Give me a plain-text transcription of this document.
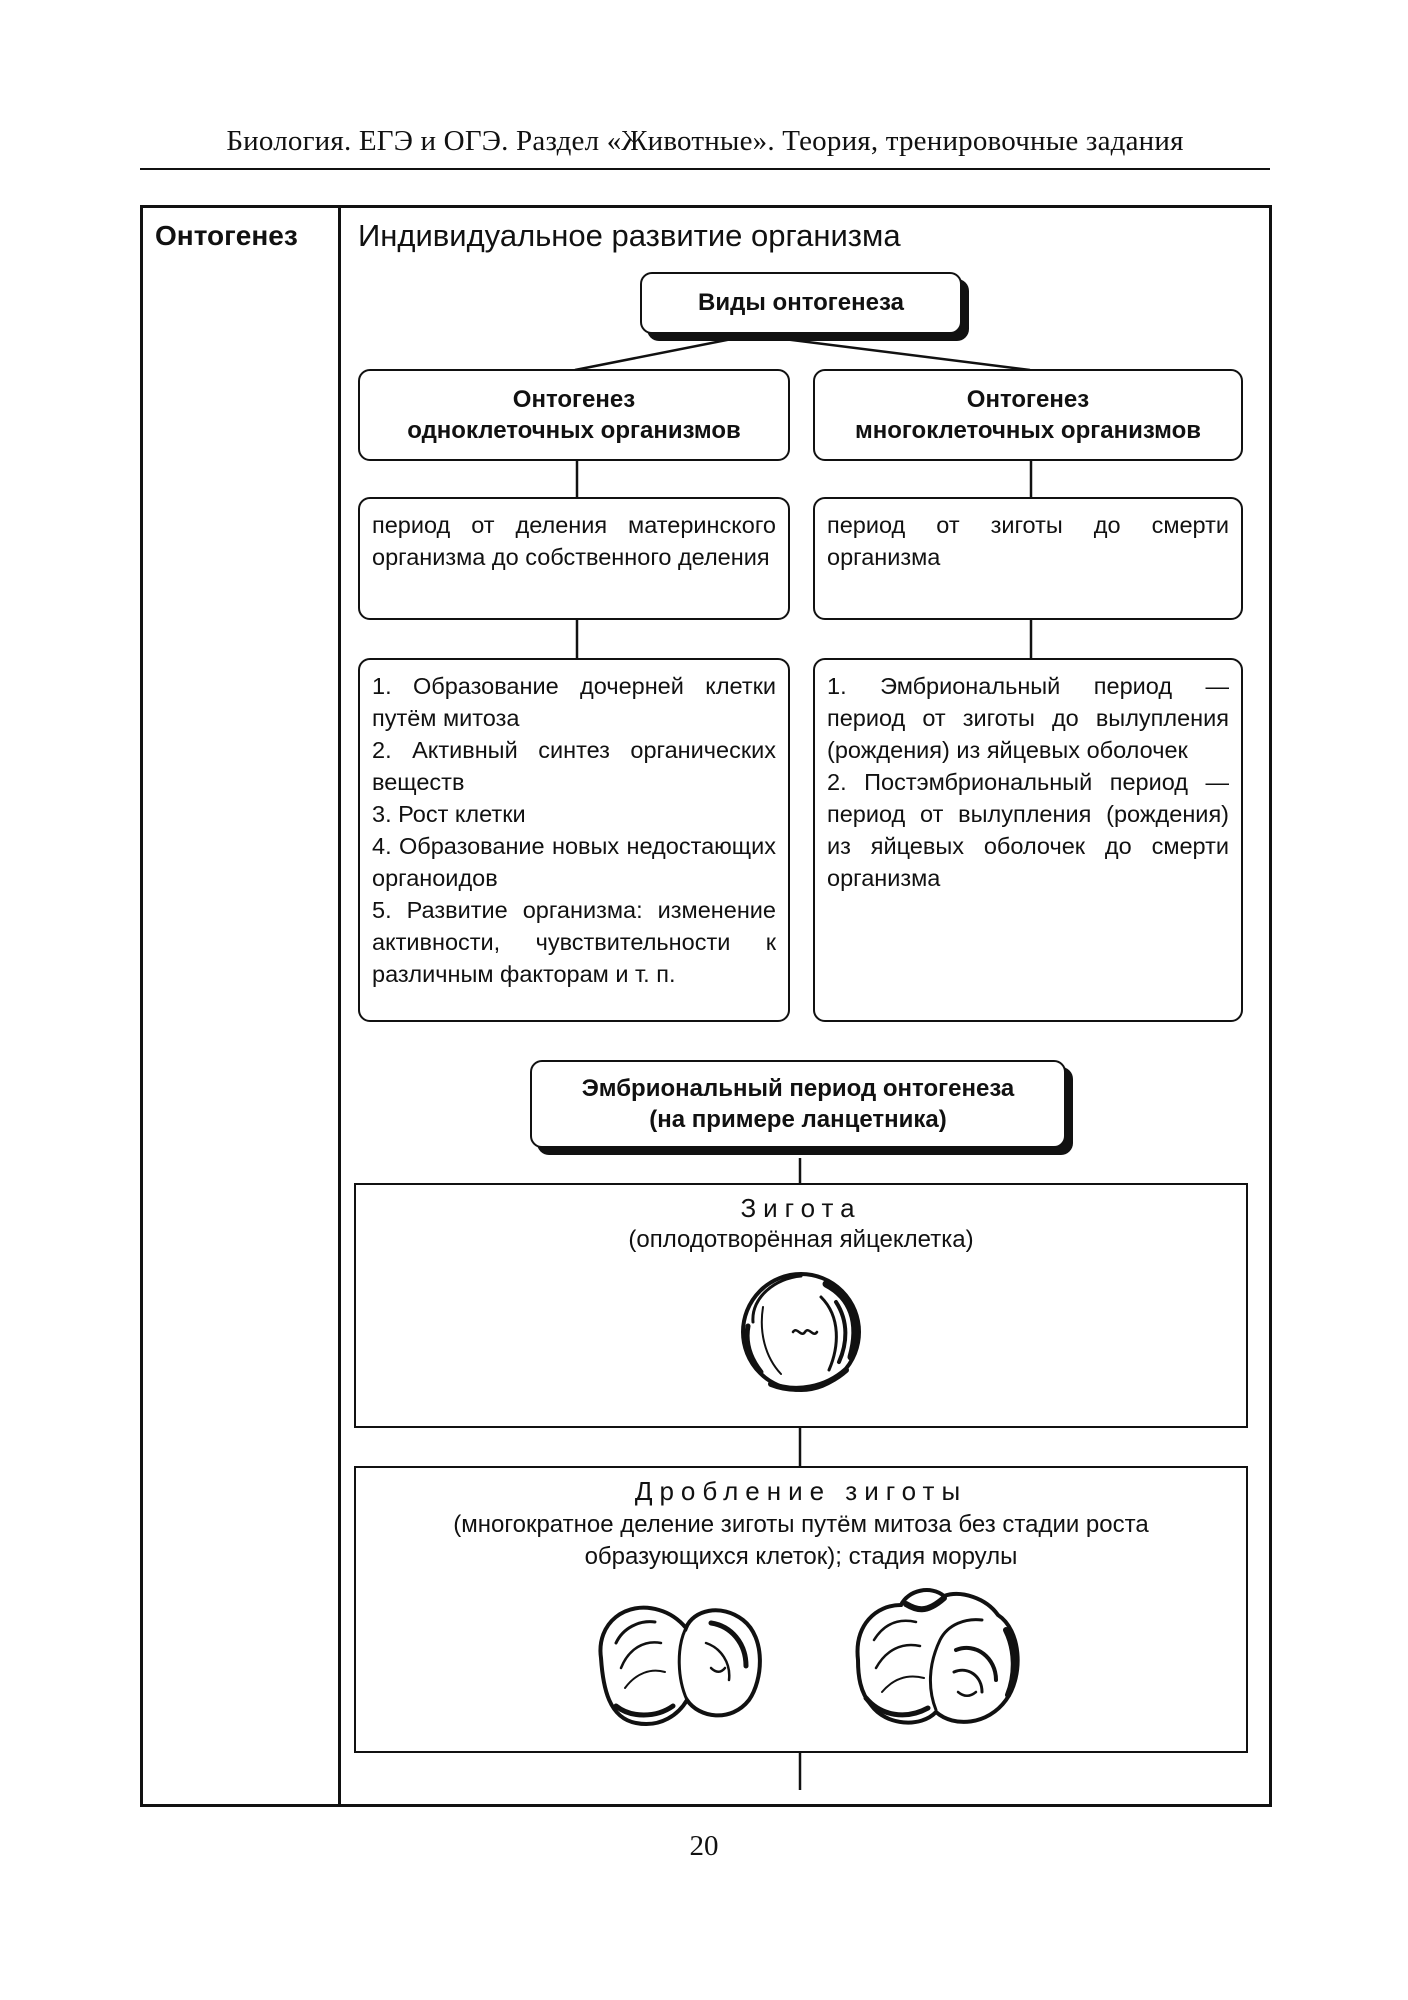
Биология. ЕГЭ и ОГЭ. Раздел «Животные». Теория, тренировочные задания
Онтогенез Индивидуальное развитие организма
Виды онтогенеза
Онтогенез
одноклеточных организмов
Онтогенез
многоклеточных организмов
период от деления материнского организма до собственного деления
период от зиготы до смерти организма
1. Образование дочерней клетки путём митоза
2. Активный синтез органических веществ
3. Рост клетки
4. Образование новых недостающих органоидов
5. Развитие организма: изменение активности, чувствительности к различным факторам и т. п.
1. Эмбриональный период — период от зиготы до вылупления (рождения) из яйцевых оболочек
2. Постэмбриональный период — период от вылупления (рождения) из яйцевых оболочек до смерти организма
Эмбриональный период онтогенеза
(на примере ланцетника)
Зигота
(оплодотворённая яйцеклетка)
Дробление зиготы
(многократное деление зиготы путём митоза без стадии роста
образующихся клеток); стадия морулы
20
